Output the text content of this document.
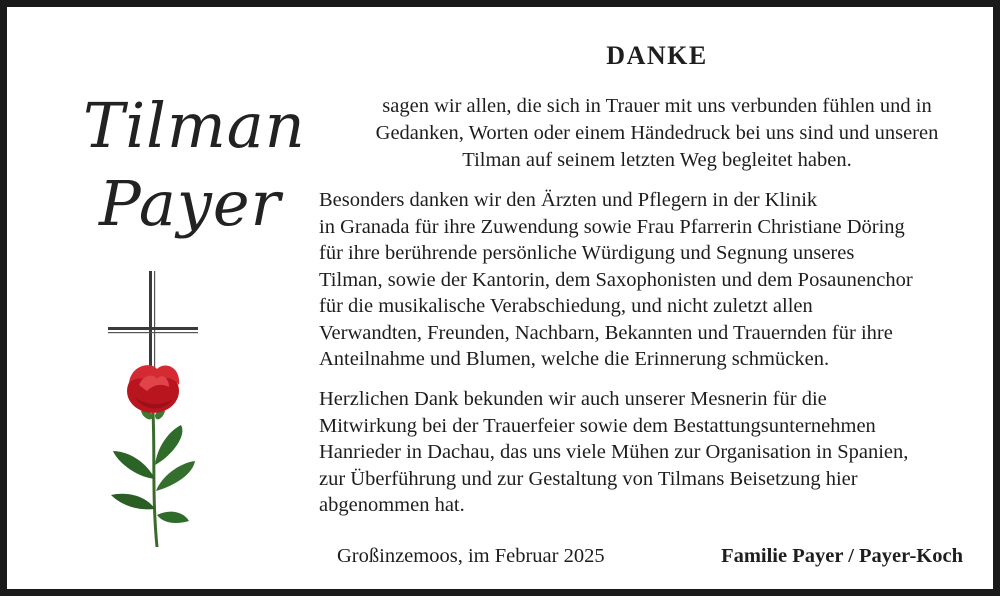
Tilman
Payer
DANKE
sagen wir allen, die sich in Trauer mit uns verbunden fühlen und in
Gedanken, Worten oder einem Händedruck bei uns sind und unseren
Tilman auf seinem letzten Weg begleitet haben.
Besonders danken wir den Ärzten und Pflegern in der Klinik
in Granada für ihre Zuwendung sowie Frau Pfarrerin Christiane Döring
für ihre berührende persönliche Würdigung und Segnung unseres
Tilman, sowie der Kantorin, dem Saxophonisten und dem Posaunenchor
für die musikalische Verabschiedung, und nicht zuletzt allen
Verwandten, Freunden, Nachbarn, Bekannten und Trauernden für ihre
Anteilnahme und Blumen, welche die Erinnerung schmücken.
Herzlichen Dank bekunden wir auch unserer Mesnerin für die
Mitwirkung bei der Trauerfeier sowie dem Bestattungsunternehmen
Hanrieder in Dachau, das uns viele Mühen zur Organisation in Spanien,
zur Überführung und zur Gestaltung von Tilmans Beisetzung hier
abgenommen hat.
Großinzemoos, im Februar 2025	Familie Payer / Payer-Koch
